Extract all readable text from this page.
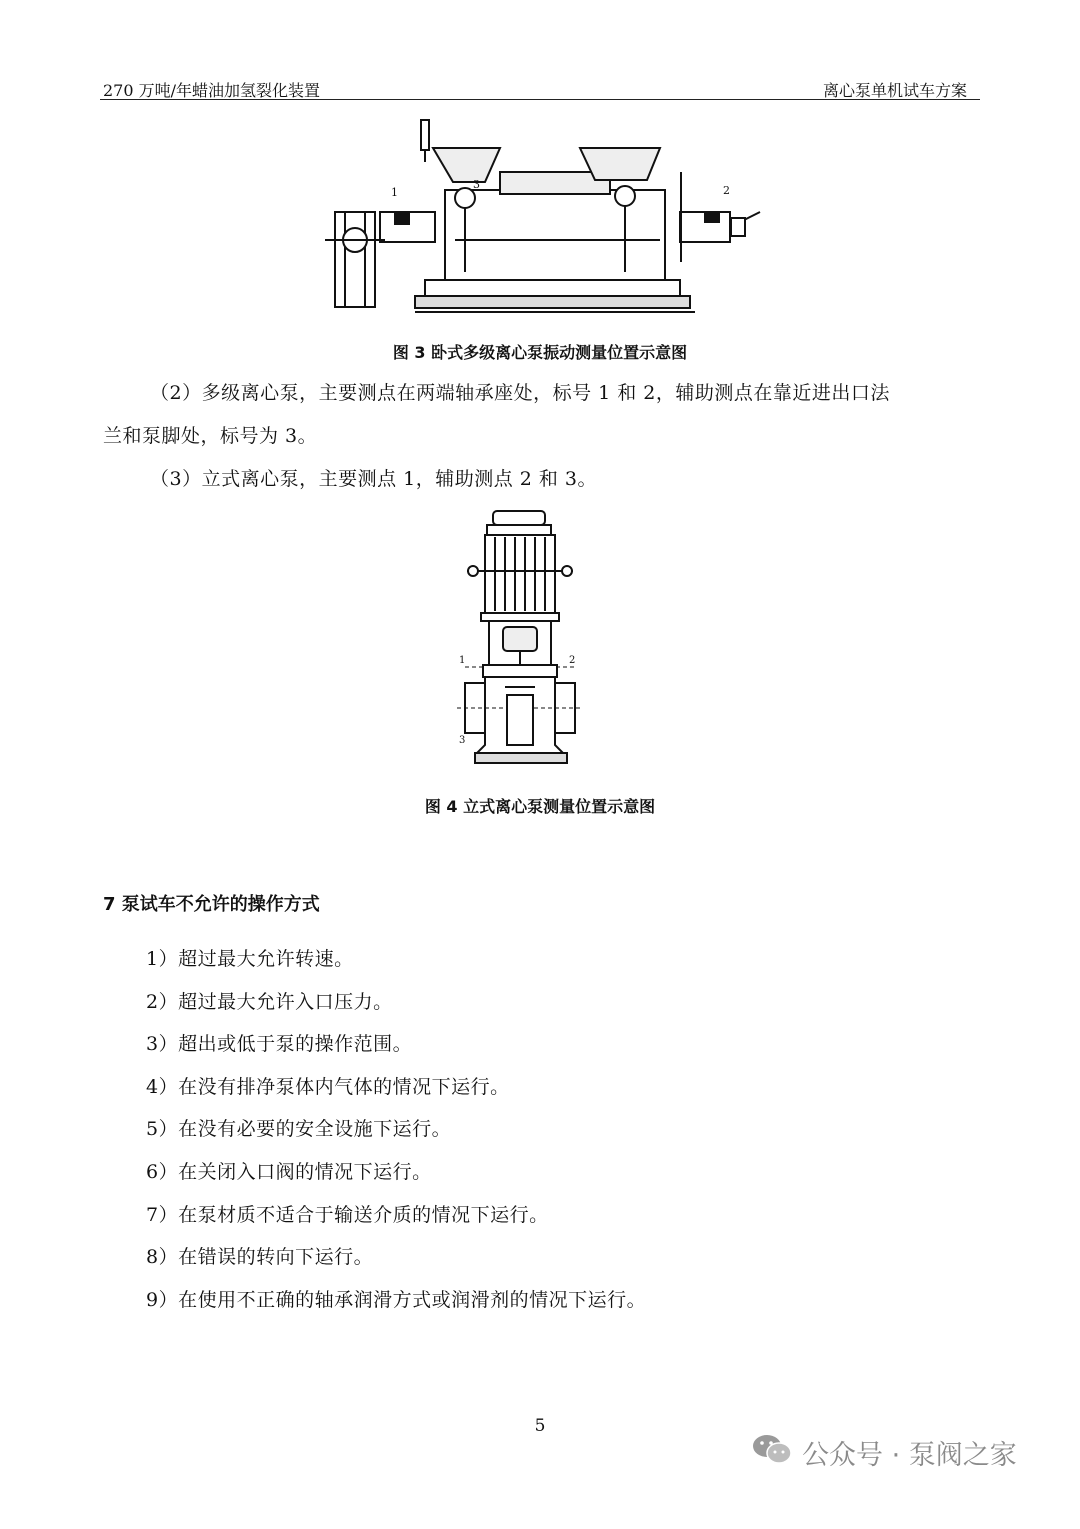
270 万吨/年蜡油加氢裂化装置	离心泵单机试车方案
1	2
3
图 3 卧式多级离心泵振动测量位置示意图
（2）多级离心泵，主要测点在两端轴承座处，标号 1 和 2，辅助测点在靠近进出口法
兰和泵脚处，标号为 3。
（3）立式离心泵，主要测点 1，辅助测点 2 和 3。
1	2
3
图 4 立式离心泵测量位置示意图
7 泵试车不允许的操作方式
1）超过最大允许转速。
2）超过最大允许入口压力。
3）超出或低于泵的操作范围。
4）在没有排净泵体内气体的情况下运行。
5）在没有必要的安全设施下运行。
6）在关闭入口阀的情况下运行。
7）在泵材质不适合于输送介质的情况下运行。
8）在错误的转向下运行。
9）在使用不正确的轴承润滑方式或润滑剂的情况下运行。
5
公众号 · 泵阀之家
